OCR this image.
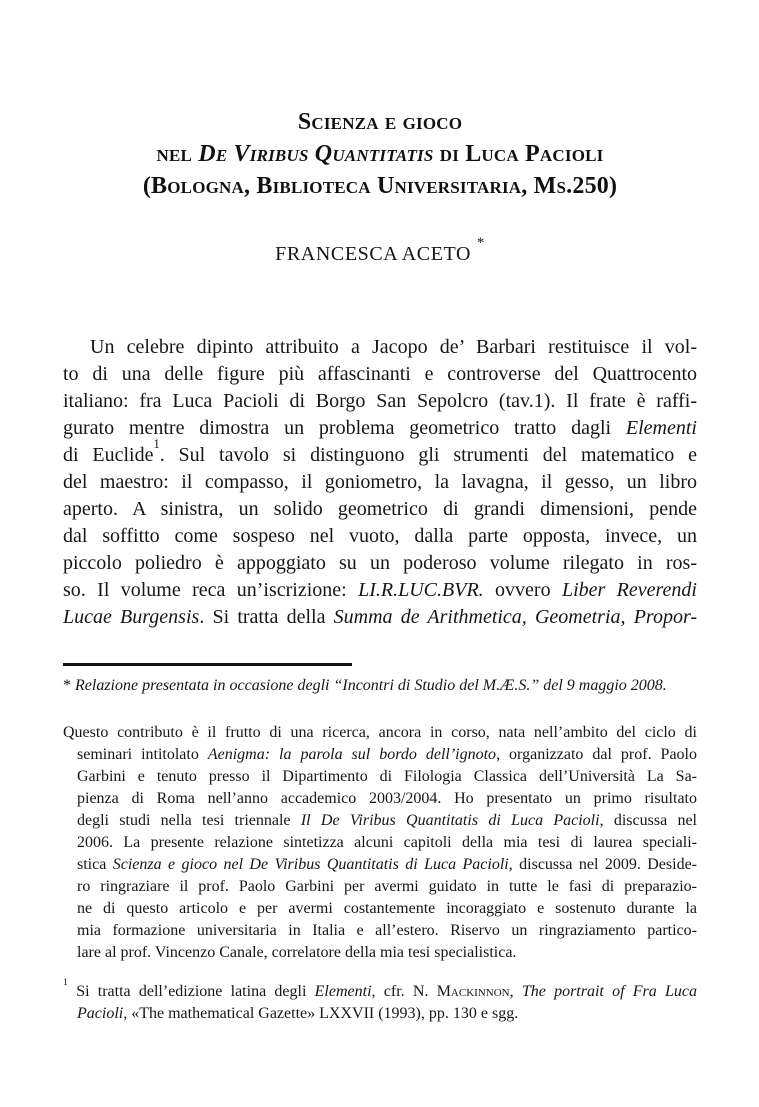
Scienza e gioco
nel De Viribus Quantitatis di Luca Pacioli
(Bologna, Biblioteca Universitaria, Ms.250)
FRANCESCA ACETO *
Un celebre dipinto attribuito a Jacopo de’ Barbari restituisce il vol-
to di una delle figure più affascinanti e controverse del Quattrocento
italiano: fra Luca Pacioli di Borgo San Sepolcro (tav.1). Il frate è raffi-
gurato mentre dimostra un problema geometrico tratto dagli Elementi
di Euclide$^1$. Sul tavolo si distinguono gli strumenti del matematico e
del maestro: il compasso, il goniometro, la lavagna, il gesso, un libro
aperto. A sinistra, un solido geometrico di grandi dimensioni, pende
dal soffitto come sospeso nel vuoto, dalla parte opposta, invece, un
piccolo poliedro è appoggiato su un poderoso volume rilegato in ros-
so. Il volume reca un’iscrizione: LI.R.LUC.BVR. ovvero Liber Reverendi
Lucae Burgensis. Si tratta della Summa de Arithmetica, Geometria, Propor-
* Relazione presentata in occasione degli “Incontri di Studio del M.Æ.S.” del 9 maggio 2008.
Questo contributo è il frutto di una ricerca, ancora in corso, nata nell’ambito del ciclo di
seminari intitolato Aenigma: la parola sul bordo dell’ignoto, organizzato dal prof. Paolo
Garbini e tenuto presso il Dipartimento di Filologia Classica dell’Università La Sa-
pienza di Roma nell’anno accademico 2003/2004. Ho presentato un primo risultato
degli studi nella tesi triennale Il De Viribus Quantitatis di Luca Pacioli, discussa nel
2006. La presente relazione sintetizza alcuni capitoli della mia tesi di laurea speciali-
stica Scienza e gioco nel De Viribus Quantitatis di Luca Pacioli, discussa nel 2009. Deside-
ro ringraziare il prof. Paolo Garbini per avermi guidato in tutte le fasi di preparazio-
ne di questo articolo e per avermi costantemente incoraggiato e sostenuto durante la
mia formazione universitaria in Italia e all’estero. Riservo un ringraziamento partico-
lare al prof. Vincenzo Canale, correlatore della mia tesi specialistica.
$^1$ Si tratta dell’edizione latina degli Elementi, cfr. N. Mackinnon, The portrait of Fra Luca
Pacioli, «The mathematical Gazette» LXXVII (1993), pp. 130 e sgg.
